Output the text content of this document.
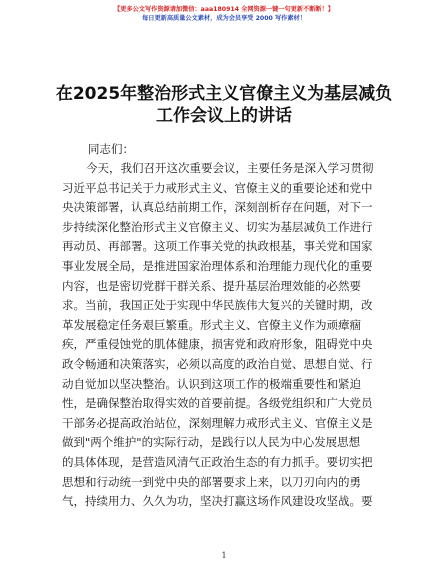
【更多公文写作资源请加微信：aaa180914 全网资源一键一句更新不断断！】
每日更新高质量公文素材，成为会员享受 2000 写作素材！
在2025年整治形式主义官僚主义为基层减负工作会议上的讲话
同志们：
今天，我们召开这次重要会议，主要任务是深入学习贯彻
习近平总书记关于力戒形式主义、官僚主义的重要论述和党中
央决策部署，认真总结前期工作，深刻剖析存在问题，对下一
步持续深化整治形式主义官僚主义、切实为基层减负工作进行
再动员、再部署。这项工作事关党的执政根基，事关党和国家
事业发展全局，是推进国家治理体系和治理能力现代化的重要
内容，也是密切党群干群关系、提升基层治理效能的必然要
求。当前，我国正处于实现中华民族伟大复兴的关键时期，改
革发展稳定任务艰巨繁重。形式主义、官僚主义作为顽瘴痼
疾，严重侵蚀党的肌体健康，损害党和政府形象，阻碍党中央
政令畅通和决策落实，必须以高度的政治自觉、思想自觉、行
动自觉加以坚决整治。认识到这项工作的极端重要性和紧迫
性，是确保整治取得实效的首要前提。各级党组织和广大党员
干部务必提高政治站位，深刻理解力戒形式主义、官僚主义是
做到"两个维护"的实际行动，是践行以人民为中心发展思想
的具体体现，是营造风清气正政治生态的有力抓手。要切实把
思想和行动统一到党中央的部署要求上来，以刀刃向内的勇
气，持续用力、久久为功，坚决打赢这场作风建设攻坚战。要
1
